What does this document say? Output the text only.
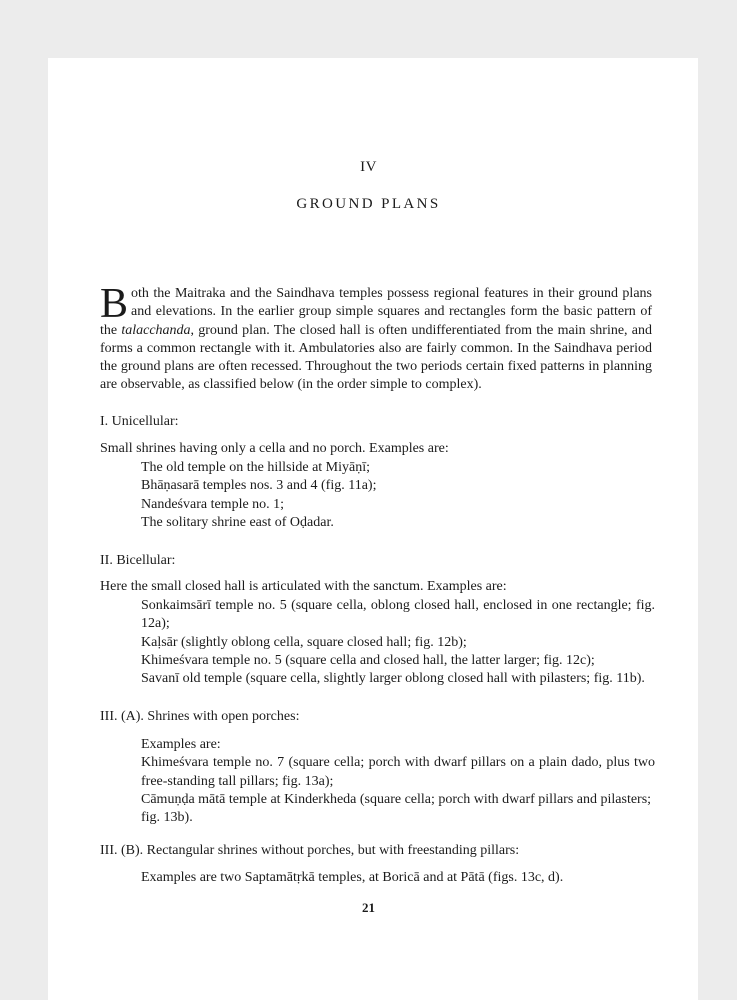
IV
GROUND PLANS
Both the Maitraka and the Saindhava temples possess regional features in their ground plans and elevations. In the earlier group simple squares and rectangles form the basic pattern of the talacchanda, ground plan. The closed hall is often undifferentiated from the main shrine, and forms a common rectangle with it. Ambulatories also are fairly common. In the Saindhava period the ground plans are often recessed. Throughout the two periods certain fixed patterns in planning are observable, as classified below (in the order simple to complex).
I. Unicellular:
Small shrines having only a cella and no porch. Examples are:
The old temple on the hillside at Miyāṇī;
Bhāṇasarā temples nos. 3 and 4 (fig. 11a);
Nandeśvara temple no. 1;
The solitary shrine east of Oḍadar.
II. Bicellular:
Here the small closed hall is articulated with the sanctum. Examples are:
Sonkaimsārī temple no. 5 (square cella, oblong closed hall, enclosed in one rectangle; fig. 12a);
Kaḷsār (slightly oblong cella, square closed hall; fig. 12b);
Khimeśvara temple no. 5 (square cella and closed hall, the latter larger; fig. 12c);
Savanī old temple (square cella, slightly larger oblong closed hall with pilasters; fig. 11b).
III. (A). Shrines with open porches:
Examples are:
Khimeśvara temple no. 7 (square cella; porch with dwarf pillars on a plain dado, plus two free-standing tall pillars; fig. 13a);
Cāmuṇḍa mātā temple at Kinderkheda (square cella; porch with dwarf pillars and pilasters; fig. 13b).
III. (B). Rectangular shrines without porches, but with freestanding pillars:
Examples are two Saptamātṛkā temples, at Boricā and at Pātā (figs. 13c, d).
21
